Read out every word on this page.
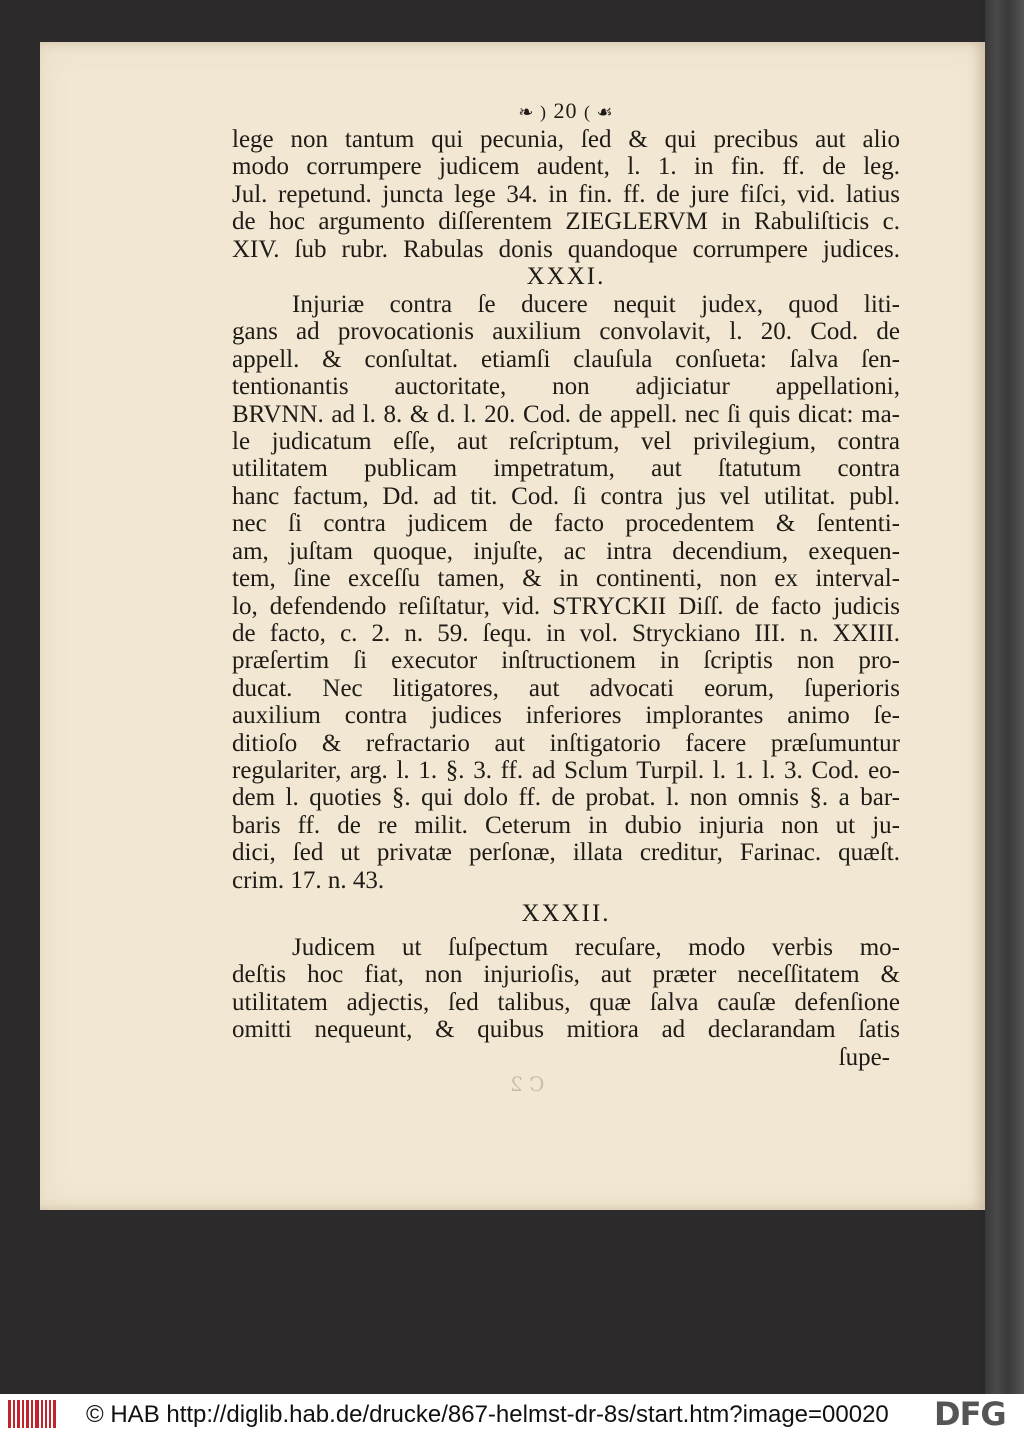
C 2
❧ ) 20 ( ☙
lege non tantum qui pecunia, ſed & qui precibus aut alio
modo corrumpere judicem audent, l. 1. in fin. ff. de leg.
Jul. repetund. juncta lege 34. in fin. ff. de jure fiſci, vid. latius
de hoc argumento diſſerentem ZIEGLERVM in Rabuliſticis c.
XIV. ſub rubr. Rabulas donis quandoque corrumpere judices.
XXXI.
Injuriæ contra ſe ducere nequit judex, quod liti-
gans ad provocationis auxilium convolavit, l. 20. Cod. de
appell. & conſultat. etiamſi clauſula conſueta: ſalva ſen-
tentionantis auctoritate, non adjiciatur appellationi,
BRVNN. ad l. 8. & d. l. 20. Cod. de appell. nec ſi quis dicat: ma-
le judicatum eſſe, aut reſcriptum, vel privilegium, contra
utilitatem publicam impetratum, aut ſtatutum contra
hanc factum, Dd. ad tit. Cod. ſi contra jus vel utilitat. publ.
nec ſi contra judicem de facto procedentem & ſententi-
am, juſtam quoque, injuſte, ac intra decendium, exequen-
tem, ſine exceſſu tamen, & in continenti, non ex interval-
lo, defendendo reſiſtatur, vid. STRYCKII Diſſ. de facto judicis
de facto, c. 2. n. 59. ſequ. in vol. Stryckiano III. n. XXIII.
præſertim ſi executor inſtructionem in ſcriptis non pro-
ducat. Nec litigatores, aut advocati eorum, ſuperioris
auxilium contra judices inferiores implorantes animo ſe-
ditioſo & refractario aut inſtigatorio facere præſumuntur
regulariter, arg. l. 1. §. 3. ff. ad Sclum Turpil. l. 1. l. 3. Cod. eo-
dem l. quoties §. qui dolo ff. de probat. l. non omnis §. a bar-
baris ff. de re milit. Ceterum in dubio injuria non ut ju-
dici, ſed ut privatæ perſonæ, illata creditur, Farinac. quæſt.
crim. 17. n. 43.
XXXII.
Judicem ut ſuſpectum recuſare, modo verbis mo-
deſtis hoc fiat, non injurioſis, aut præter neceſſitatem &
utilitatem adjectis, ſed talibus, quæ ſalva cauſæ defenſione
omitti nequeunt, & quibus mitiora ad declarandam ſatis
ſupe-
© HAB http://diglib.hab.de/drucke/867-helmst-dr-8s/start.htm?image=00020 DFG
